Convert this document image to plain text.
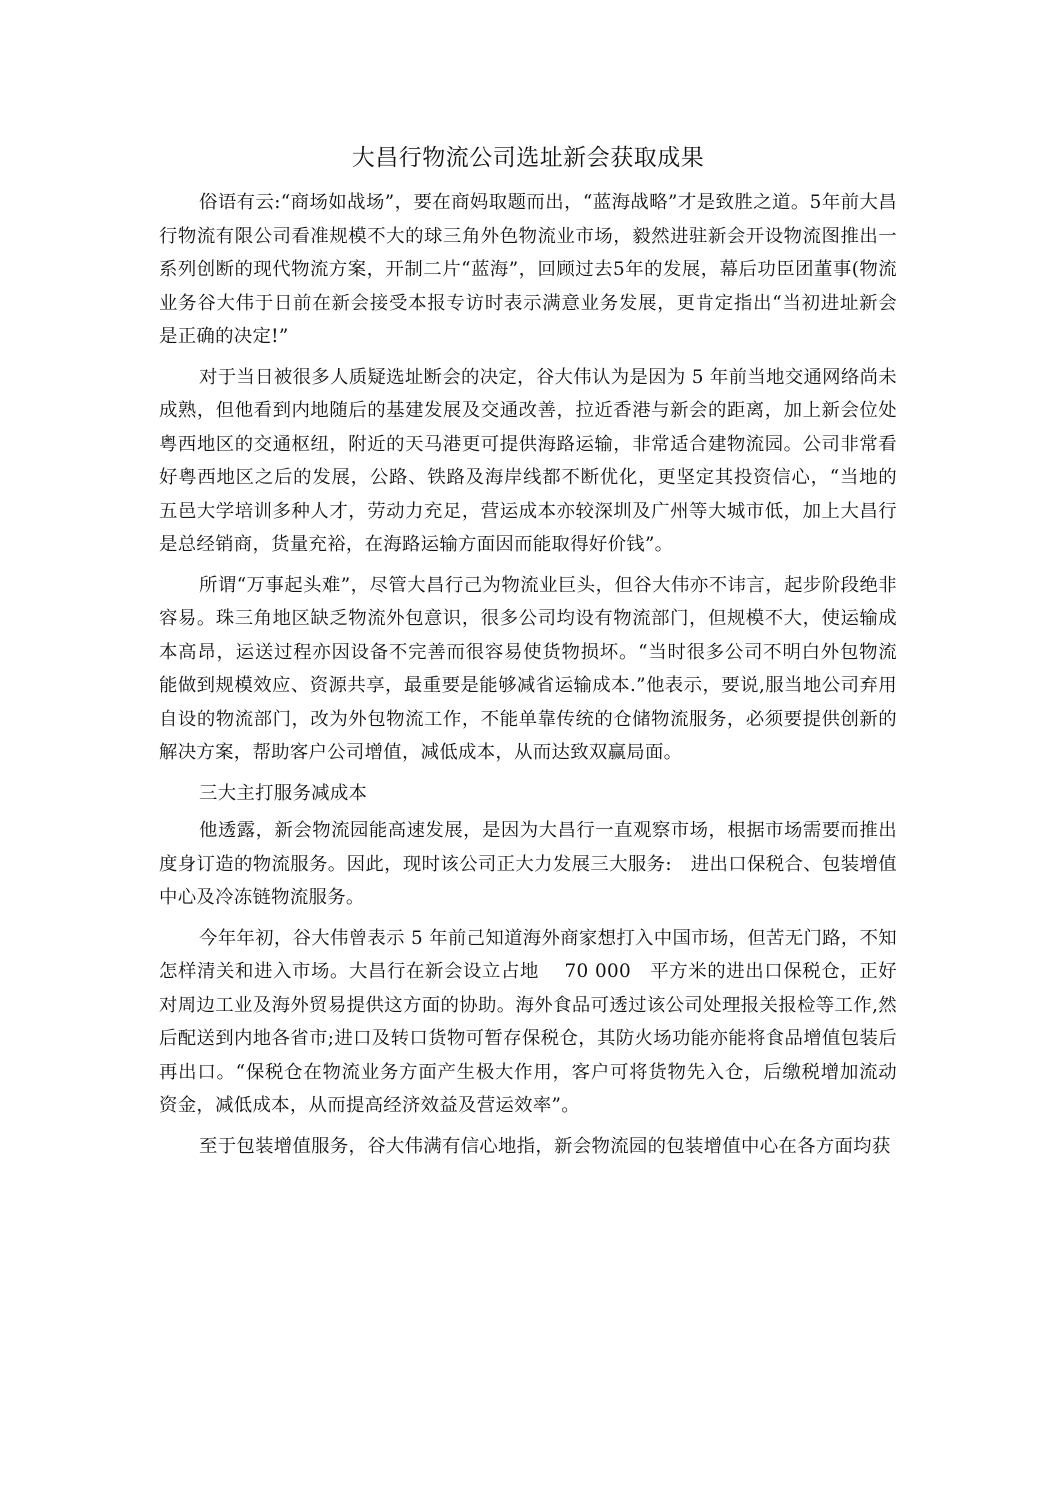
大昌行物流公司选址新会获取成果

俗语有云:“商场如战场”，要在商妈取题而出，“蓝海战略”才是致胜之道。5年前大昌行物流有限公司看准规模不大的球三角外色物流业市场，毅然进驻新会开设物流图推出一系列创断的现代物流方案，开制二片“蓝海”，回顾过去5年的发展，幕后功臣团董事(物流业务谷大伟于日前在新会接受本报专访时表示满意业务发展，更肯定指出“当初进址新会是正确的决定!”

对于当日被很多人质疑选址断会的决定，谷大伟认为是因为 5 年前当地交通网络尚未成熟，但他看到内地随后的基建发展及交通改善，拉近香港与新会的距离，加上新会位处粤西地区的交通枢纽，附近的天马港更可提供海路运输，非常适合建物流园。公司非常看好粤西地区之后的发展，公路、铁路及海岸线都不断优化，更坚定其投资信心，“当地的五邑大学培训多种人才，劳动力充足，营运成本亦较深圳及广州等大城市低，加上大昌行是总经销商，货量充裕，在海路运输方面因而能取得好价钱”。

所谓“万事起头难”，尽管大昌行己为物流业巨头，但谷大伟亦不讳言，起步阶段绝非容易。珠三角地区缺乏物流外包意识，很多公司均设有物流部门，但规模不大，使运输成本高昂，运送过程亦因设备不完善而很容易使货物损坏。“当时很多公司不明白外包物流能做到规模效应、资源共享，最重要是能够减省运输成本.”他表示，要说,服当地公司弃用自设的物流部门，改为外包物流工作，不能单靠传统的仓储物流服务，必须要提供创新的解决方案，帮助客户公司增值，减低成本，从而达致双赢局面。

三大主打服务减成本

他透露，新会物流园能高速发展，是因为大昌行一直观察市场，根据市场需要而推出度身订造的物流服务。因此，现时该公司正大力发展三大服务:　进出口保税合、包装增值中心及冷冻链物流服务。

今年年初，谷大伟曾表示 5 年前己知道海外商家想打入中国市场，但苦无门路，不知怎样清关和进入市场。大昌行在新会设立占地　 70 000　平方米的进出口保税仓，正好对周边工业及海外贸易提供这方面的协助。海外食品可透过该公司处理报关报检等工作,然后配送到内地各省市;进口及转口货物可暂存保税仓，其防火场功能亦能将食品增值包装后再出口。“保税仓在物流业务方面产生极大作用，客户可将货物先入仓，后缴税增加流动资金，减低成本，从而提高经济效益及营运效率”。

至于包装增值服务，谷大伟满有信心地指，新会物流园的包装增值中心在各方面均获
